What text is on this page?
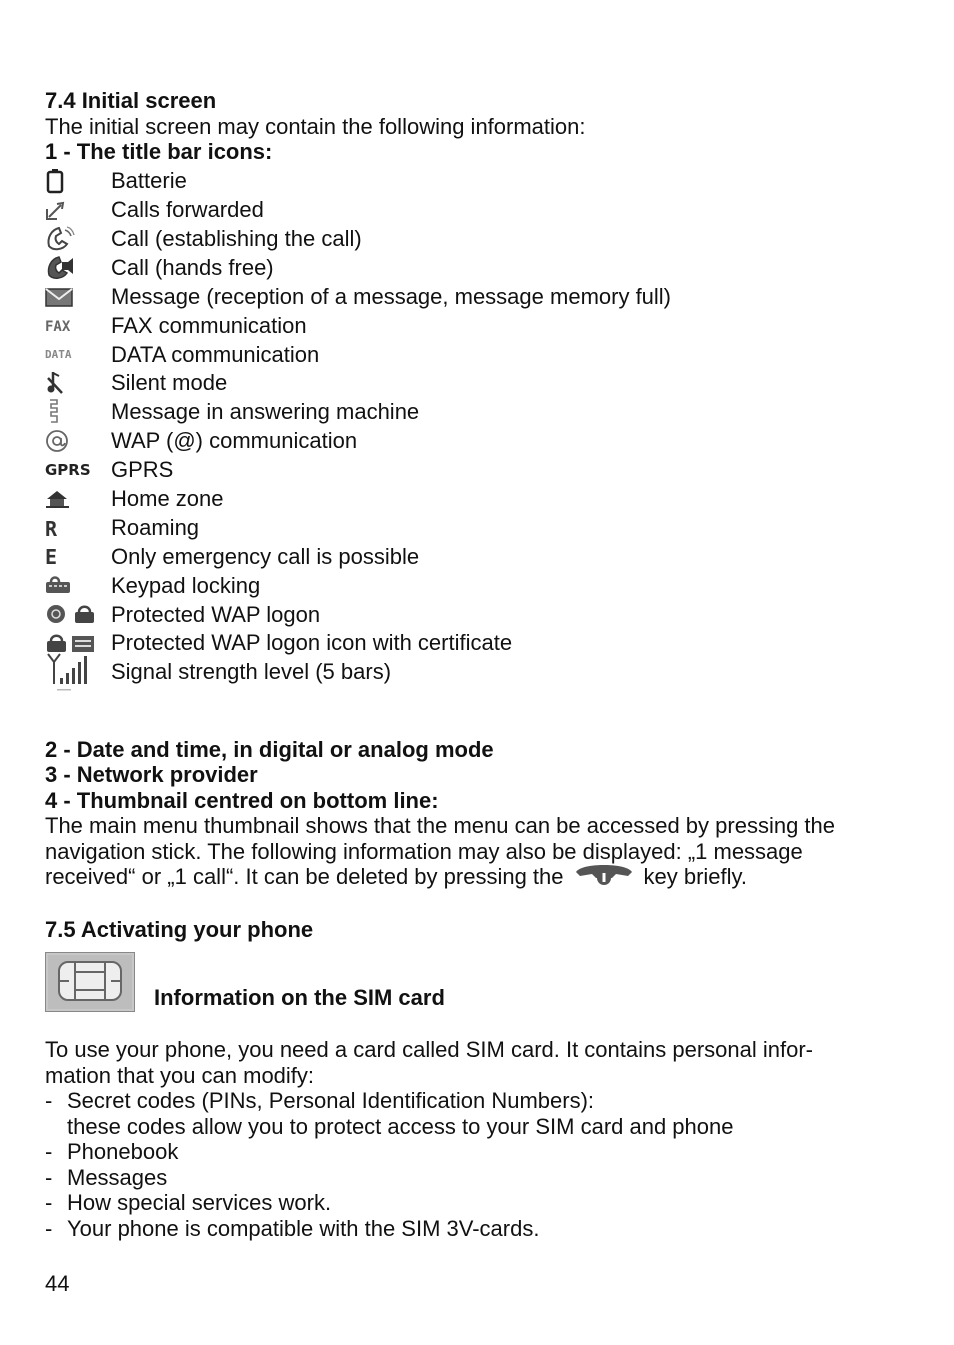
7.4 Initial screen
The initial screen may contain the following information:
1 - The title bar icons:
Batterie
Calls forwarded
Call (establishing the call)
Call (hands free)
Message (reception of a message, message memory full)
FAX FAX communication
DATA DATA communication
Silent mode
Message in answering machine
WAP (@) communication
GPRS GPRS
Home zone
R Roaming
E Only emergency call is possible
Keypad locking
Protected WAP logon
Protected WAP logon icon with certificate
Signal strength level (5 bars)
2 - Date and time, in digital or analog mode
3 - Network provider
4 - Thumbnail centred on bottom line:
The main menu thumbnail shows that the menu can be accessed by pressing the
navigation stick. The following information may also be displayed: „1 message
received“ or „1 call“. It can be deleted by pressing the	key briefly.
7.5 Activating your phone
Information on the SIM card
To use your phone, you need a card called SIM card. It contains personal infor-
mation that you can modify:
- Secret codes (PINs, Personal Identification Numbers):
these codes allow you to protect access to your SIM card and phone
- Phonebook
- Messages
- How special services work.
- Your phone is compatible with the SIM 3V-cards.
44
